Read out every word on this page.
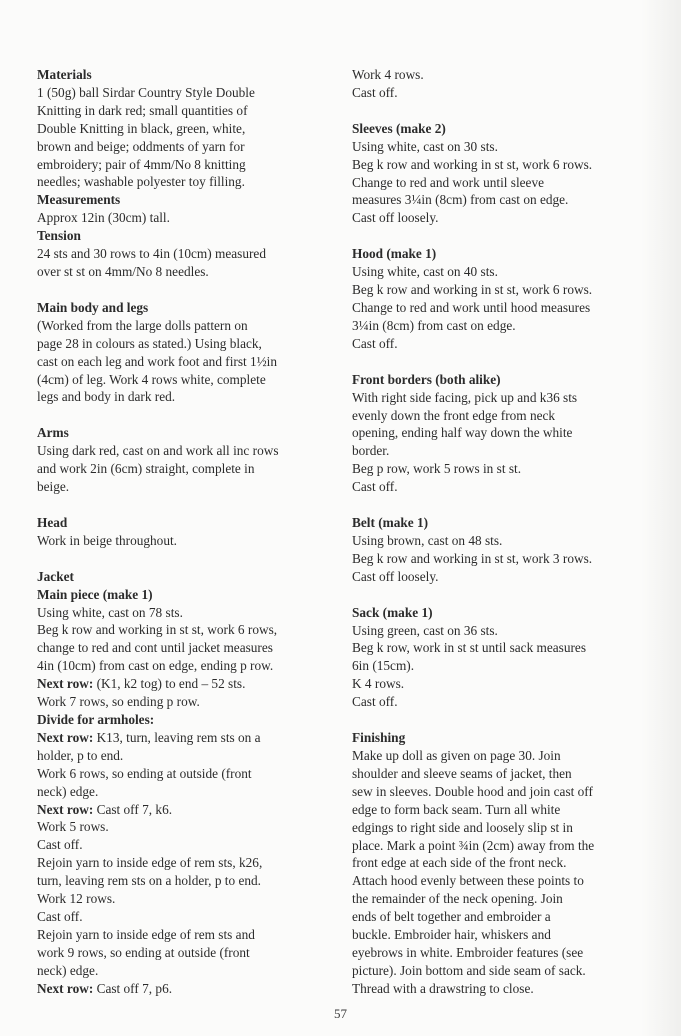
Materials

1 (50g) ball Sirdar Country Style Double

Knitting in dark red; small quantities of

Double Knitting in black, green, white,

brown and beige; oddments of yarn for

embroidery; pair of 4mm/No 8 knitting

needles; washable polyester toy filling.

Measurements

Approx 12in (30cm) tall.

Tension

24 sts and 30 rows to 4in (10cm) measured

over st st on 4mm/No 8 needles.

Main body and legs

(Worked from the large dolls pattern on

page 28 in colours as stated.) Using black,

cast on each leg and work foot and first 1½in

(4cm) of leg. Work 4 rows white, complete

legs and body in dark red.

Arms

Using dark red, cast on and work all inc rows

and work 2in (6cm) straight, complete in

beige.

Head

Work in beige throughout.

Jacket

Main piece (make 1)

Using white, cast on 78 sts.

Beg k row and working in st st, work 6 rows,

change to red and cont until jacket measures

4in (10cm) from cast on edge, ending p row.

Next row: (K1, k2 tog) to end – 52 sts.

Work 7 rows, so ending p row.

Divide for armholes:

Next row: K13, turn, leaving rem sts on a

holder, p to end.

Work 6 rows, so ending at outside (front

neck) edge.

Next row: Cast off 7, k6.

Work 5 rows.

Cast off.

Rejoin yarn to inside edge of rem sts, k26,

turn, leaving rem sts on a holder, p to end.

Work 12 rows.

Cast off.

Rejoin yarn to inside edge of rem sts and

work 9 rows, so ending at outside (front

neck) edge.

Next row: Cast off 7, p6.

Work 4 rows.

Cast off.

Sleeves (make 2)

Using white, cast on 30 sts.

Beg k row and working in st st, work 6 rows.

Change to red and work until sleeve

measures 3¼in (8cm) from cast on edge.

Cast off loosely.

Hood (make 1)

Using white, cast on 40 sts.

Beg k row and working in st st, work 6 rows.

Change to red and work until hood measures

3¼in (8cm) from cast on edge.

Cast off.

Front borders (both alike)

With right side facing, pick up and k36 sts

evenly down the front edge from neck

opening, ending half way down the white

border.

Beg p row, work 5 rows in st st.

Cast off.

Belt (make 1)

Using brown, cast on 48 sts.

Beg k row and working in st st, work 3 rows.

Cast off loosely.

Sack (make 1)

Using green, cast on 36 sts.

Beg k row, work in st st until sack measures

6in (15cm).

K 4 rows.

Cast off.

Finishing

Make up doll as given on page 30. Join

shoulder and sleeve seams of jacket, then

sew in sleeves. Double hood and join cast off

edge to form back seam. Turn all white

edgings to right side and loosely slip st in

place. Mark a point ¾in (2cm) away from the

front edge at each side of the front neck.

Attach hood evenly between these points to

the remainder of the neck opening. Join

ends of belt together and embroider a

buckle. Embroider hair, whiskers and

eyebrows in white. Embroider features (see

picture). Join bottom and side seam of sack.

Thread with a drawstring to close.

57
